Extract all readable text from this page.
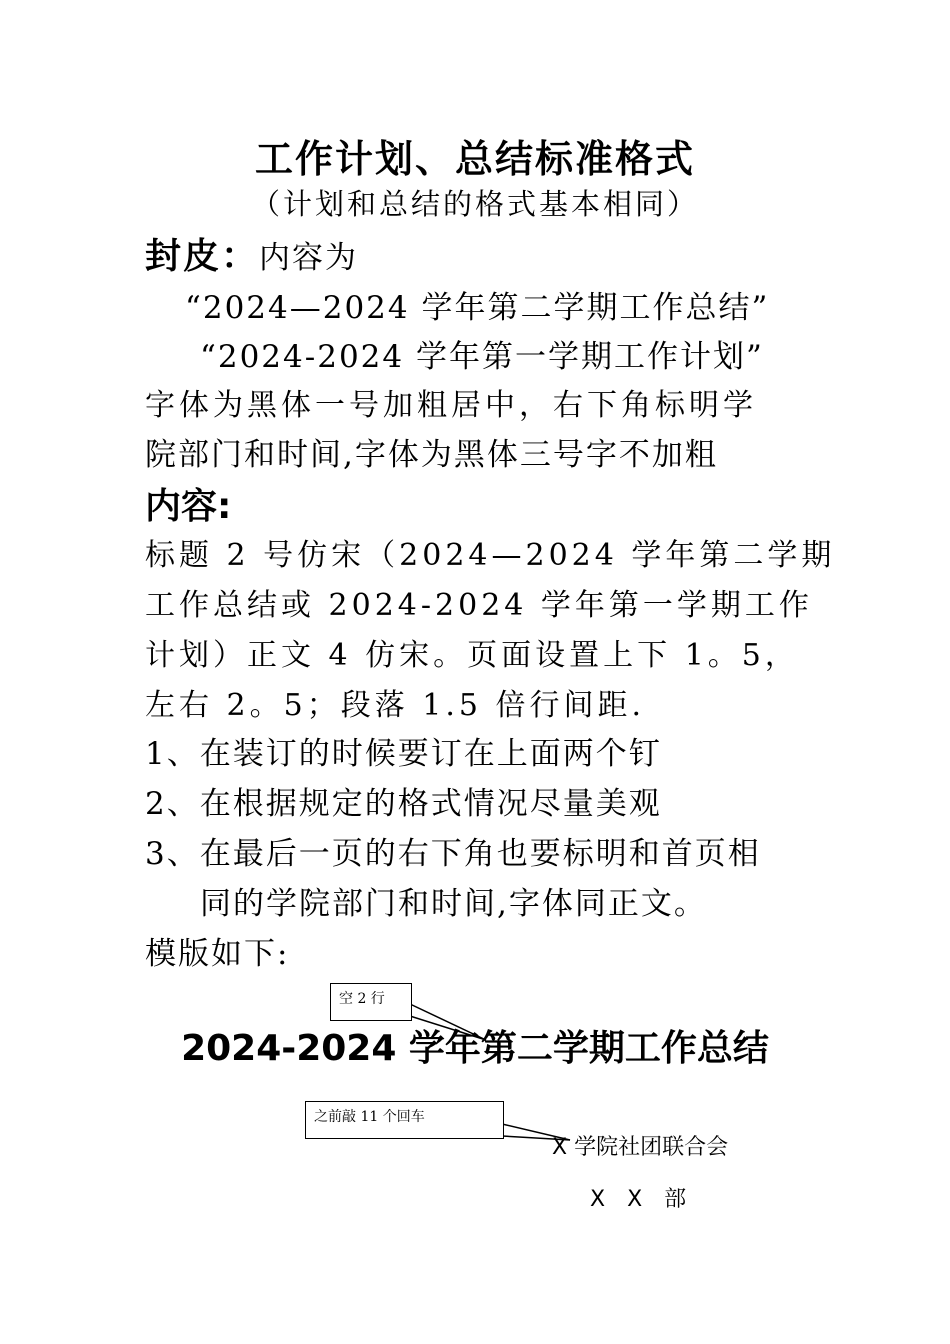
工作计划、总结标准格式
（计划和总结的格式基本相同）
封皮：内容为
“2024—2024 学年第二学期工作总结”
“2024-2024 学年第一学期工作计划”
字体为黑体一号加粗居中，右下角标明学
院部门和时间,字体为黑体三号字不加粗
内容:
标题 2 号仿宋（2024—2024 学年第二学期
工作总结或 2024-2024 学年第一学期工作
计划）正文 4 仿宋。页面设置上下 1。5，
左右 2。5；段落 1.5 倍行间距.
1、在装订的时候要订在上面两个钉
2、在根据规定的格式情况尽量美观
3、在最后一页的右下角也要标明和首页相
同的学院部门和时间,字体同正文。
模版如下:
空 2 行
2024-2024 学年第二学期工作总结
之前敲 11 个回车
X 学院社团联合会
X　X　部
